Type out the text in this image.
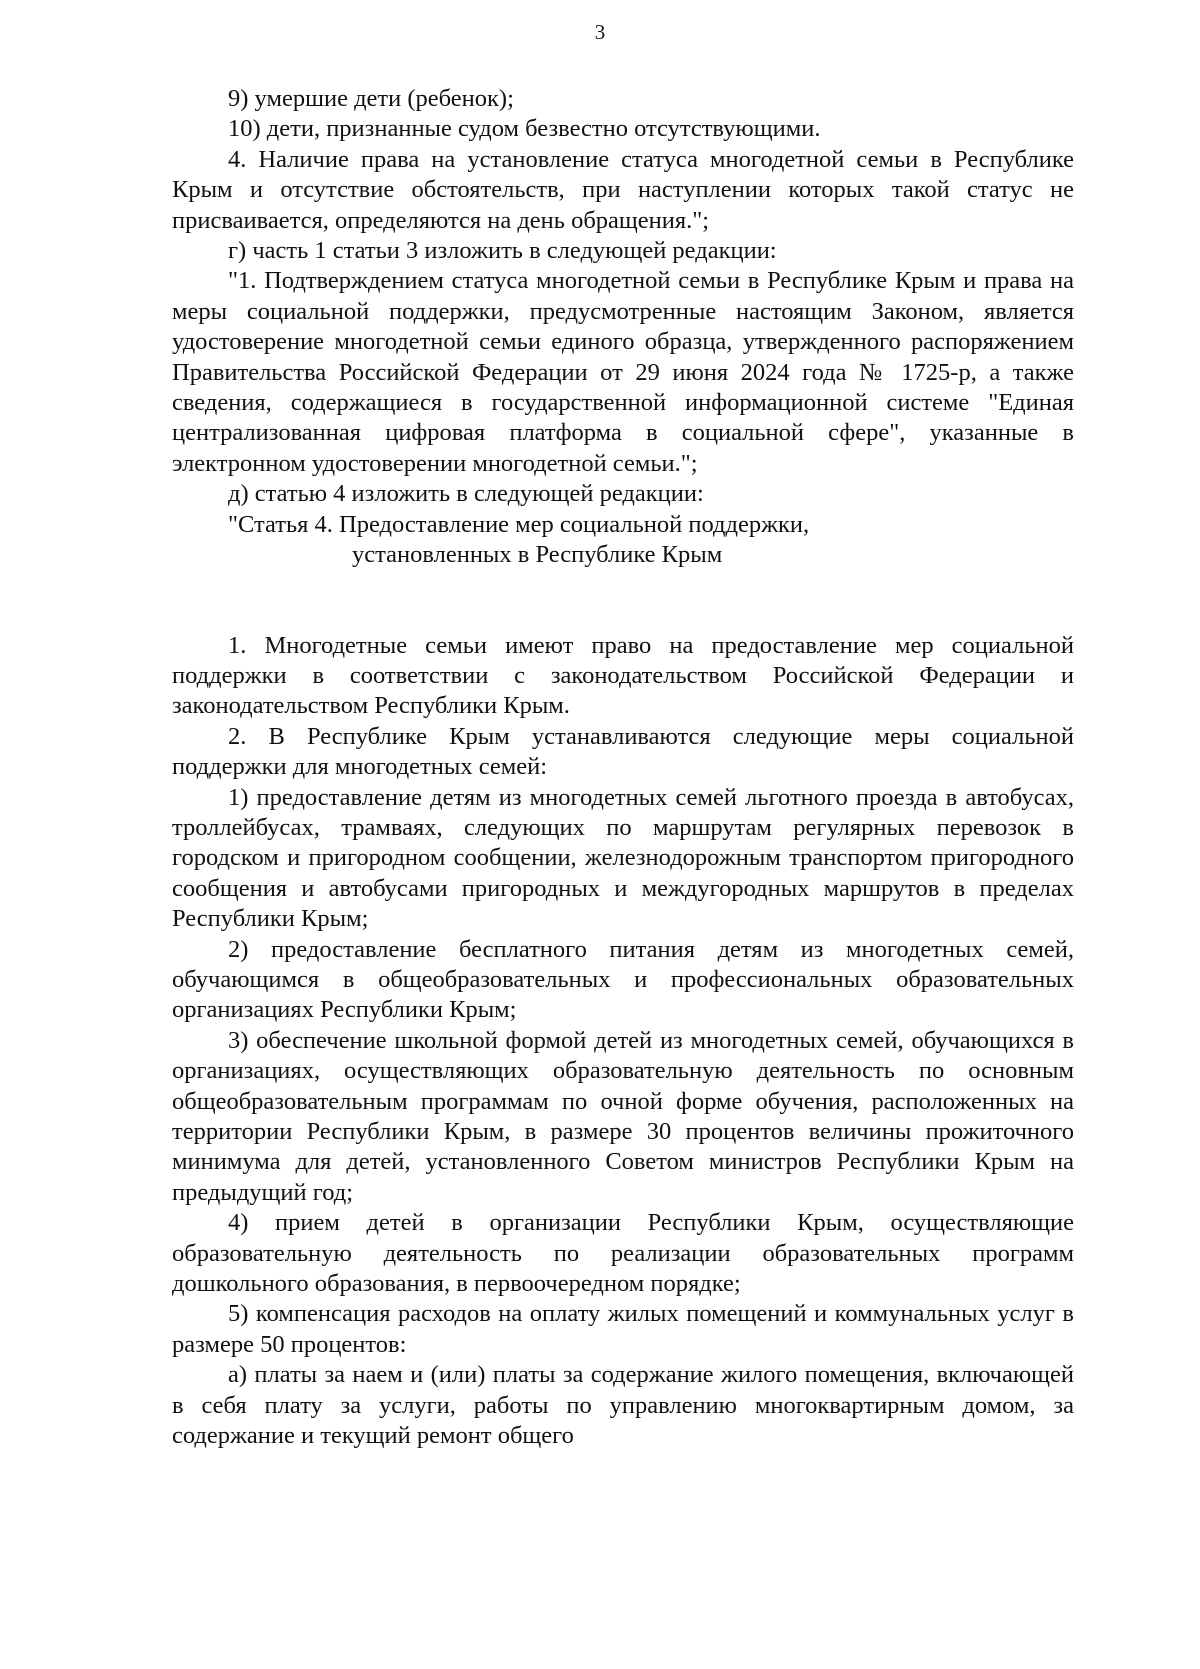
3

9) умершие дети (ребенок);

10) дети, признанные судом безвестно отсутствующими.

4. Наличие права на установление статуса многодетной семьи в Республике Крым и отсутствие обстоятельств, при наступлении которых такой статус не присваивается, определяются на день обращения.";

г) часть 1 статьи 3 изложить в следующей редакции:

"1. Подтверждением статуса многодетной семьи в Республике Крым и права на меры социальной поддержки, предусмотренные настоящим Законом, является удостоверение многодетной семьи единого образца, утвержденного распоряжением Правительства Российской Федерации от 29 июня 2024 года № 1725-р, а также сведения, содержащиеся в государственной информационной системе "Единая централизованная цифровая платформа в социальной сфере", указанные в электронном удостоверении многодетной семьи.";

д) статью 4 изложить в следующей редакции:

"Статья 4. Предоставление мер социальной поддержки,
установленных в Республике Крым

1. Многодетные семьи имеют право на предоставление мер социальной поддержки в соответствии с законодательством Российской Федерации и законодательством Республики Крым.

2. В Республике Крым устанавливаются следующие меры социальной поддержки для многодетных семей:

1) предоставление детям из многодетных семей льготного проезда в автобусах, троллейбусах, трамваях, следующих по маршрутам регулярных перевозок в городском и пригородном сообщении, железнодорожным транспортом пригородного сообщения и автобусами пригородных и междугородных маршрутов в пределах Республики Крым;

2) предоставление бесплатного питания детям из многодетных семей, обучающимся в общеобразовательных и профессиональных образовательных организациях Республики Крым;

3) обеспечение школьной формой детей из многодетных семей, обучающихся в организациях, осуществляющих образовательную деятельность по основным общеобразовательным программам по очной форме обучения, расположенных на территории Республики Крым, в размере 30 процентов величины прожиточного минимума для детей, установленного Советом министров Республики Крым на предыдущий год;

4) прием детей в организации Республики Крым, осуществляющие образовательную деятельность по реализации образовательных программ дошкольного образования, в первоочередном порядке;

5) компенсация расходов на оплату жилых помещений и коммунальных услуг в размере 50 процентов:

а) платы за наем и (или) платы за содержание жилого помещения, включающей в себя плату за услуги, работы по управлению многоквартирным домом, за содержание и текущий ремонт общего
